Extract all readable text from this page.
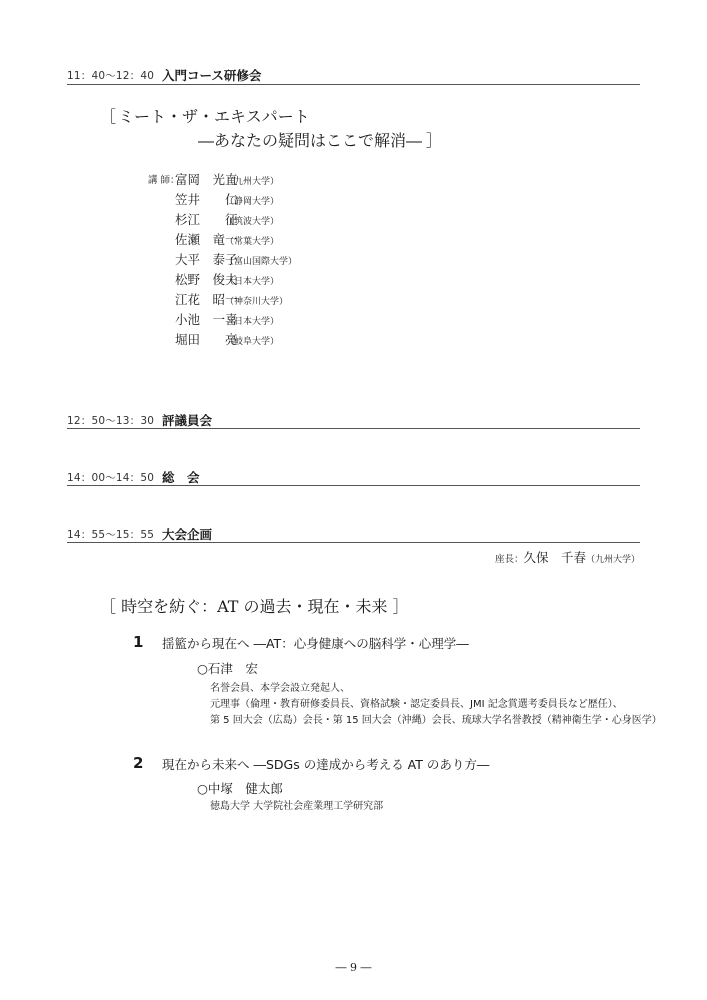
11：40～12：40 入門コース研修会
［ ミート・ザ・エキスパート
―あなたの疑問はここで解消― ］
講 師：
富岡　光直（九州大学）
笠井　　仁（静岡大学）
杉江　　征（筑波大学）
佐瀬　竜一（常葉大学）
大平　泰子（富山国際大学）
松野　俊夫（日本大学）
江花　昭一（神奈川大学）
小池　一喜（日本大学）
堀田　　亮（岐阜大学）
12：50～13：30 評議員会
14：00～14：50 総　会
14：55～15：55 大会企画
座長：久保　千春（九州大学）
［ 時空を紡ぐ：AT の過去・現在・未来 ］
1 揺籃から現在へ ―AT：心身健康への脳科学・心理学―
○石津　宏
名誉会員、本学会設立発起人、
元理事（倫理・教育研修委員長、資格試験・認定委員長、JMI 記念賞選考委員長など歴任）、
第 5 回大会（広島）会長・第 15 回大会（沖縄）会長、琉球大学名誉教授（精神衛生学・心身医学）
2 現在から未来へ ―SDGs の達成から考える AT のあり方―
○中塚　健太郎
徳島大学 大学院社会産業理工学研究部
― 9 ―
